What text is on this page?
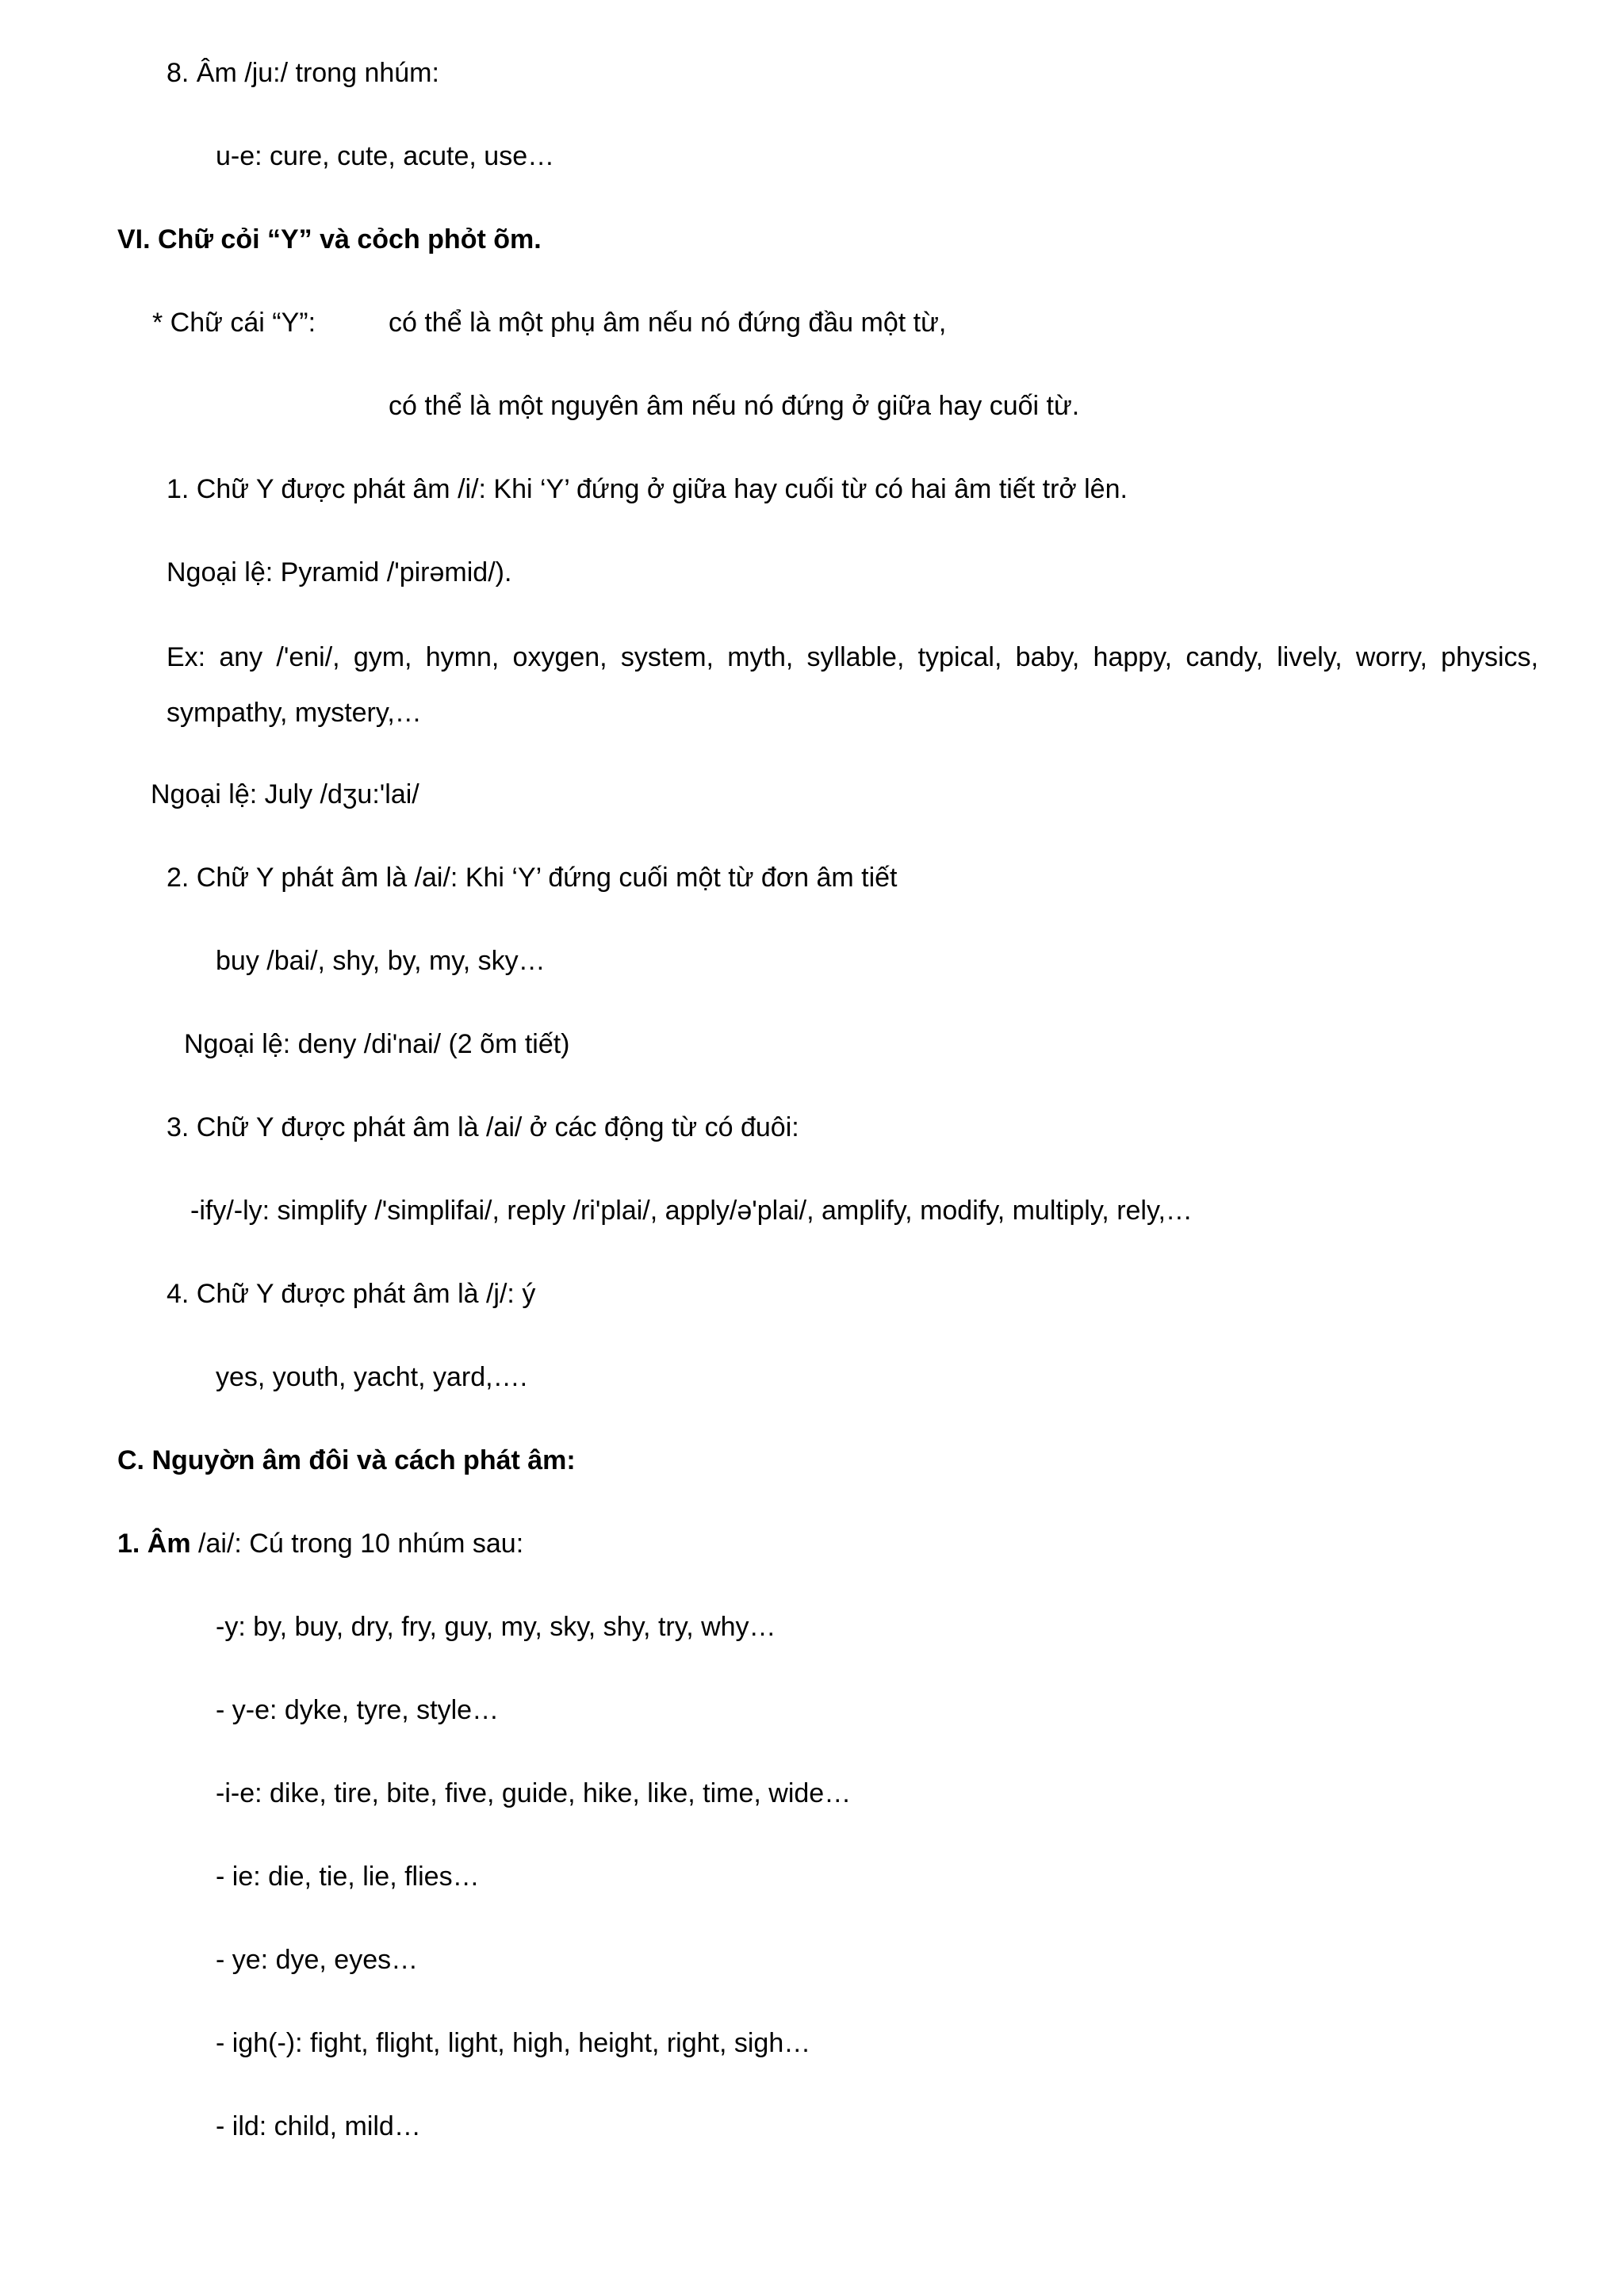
8. Âm /ju:/ trong nhúm:
u-e: cure, cute, acute, use…
VI. Chữ cỏi “Y” và cỏch phỏt õm.
* Chữ cái “Y”:	có thể là một phụ âm nếu nó đứng đầu một từ,
có thể là một nguyên âm nếu nó đứng ở giữa hay cuối từ.
1. Chữ Y được phát âm /i/: Khi ‘Y’ đứng ở giữa hay cuối từ có hai âm tiết trở lên.
Ngoại lệ: Pyramid /'pirəmid/).
Ex: any /'eni/, gym, hymn, oxygen, system, myth, syllable, typical, baby, happy, candy, lively, worry, physics, sympathy, mystery,…
Ngoại lệ: July /dʒu:'lai/
2. Chữ Y phát âm là /ai/: Khi ‘Y’ đứng cuối một từ đơn âm tiết
buy /bai/, shy, by, my, sky…
Ngoại lệ: deny /di'nai/ (2 õm tiết)
3. Chữ Y được phát âm là /ai/ ở các động từ có đuôi:
-ify/-ly: simplify /'simplifai/, reply /ri'plai/, apply/ə'plai/, amplify, modify, multiply, rely,…
4. Chữ Y được phát âm là /j/: ý
yes, youth, yacht, yard,….
C. Nguyờn âm đôi và cách phát âm:
1. Âm /ai/: Cú trong 10 nhúm sau:
-y: by, buy, dry, fry, guy, my, sky, shy, try, why…
- y-e: dyke, tyre, style…
-i-e: dike, tire, bite, five, guide, hike, like, time, wide…
- ie: die, tie, lie, flies…
- ye: dye, eyes…
- igh(-): fight, flight, light, high, height, right, sigh…
- ild: child, mild…
